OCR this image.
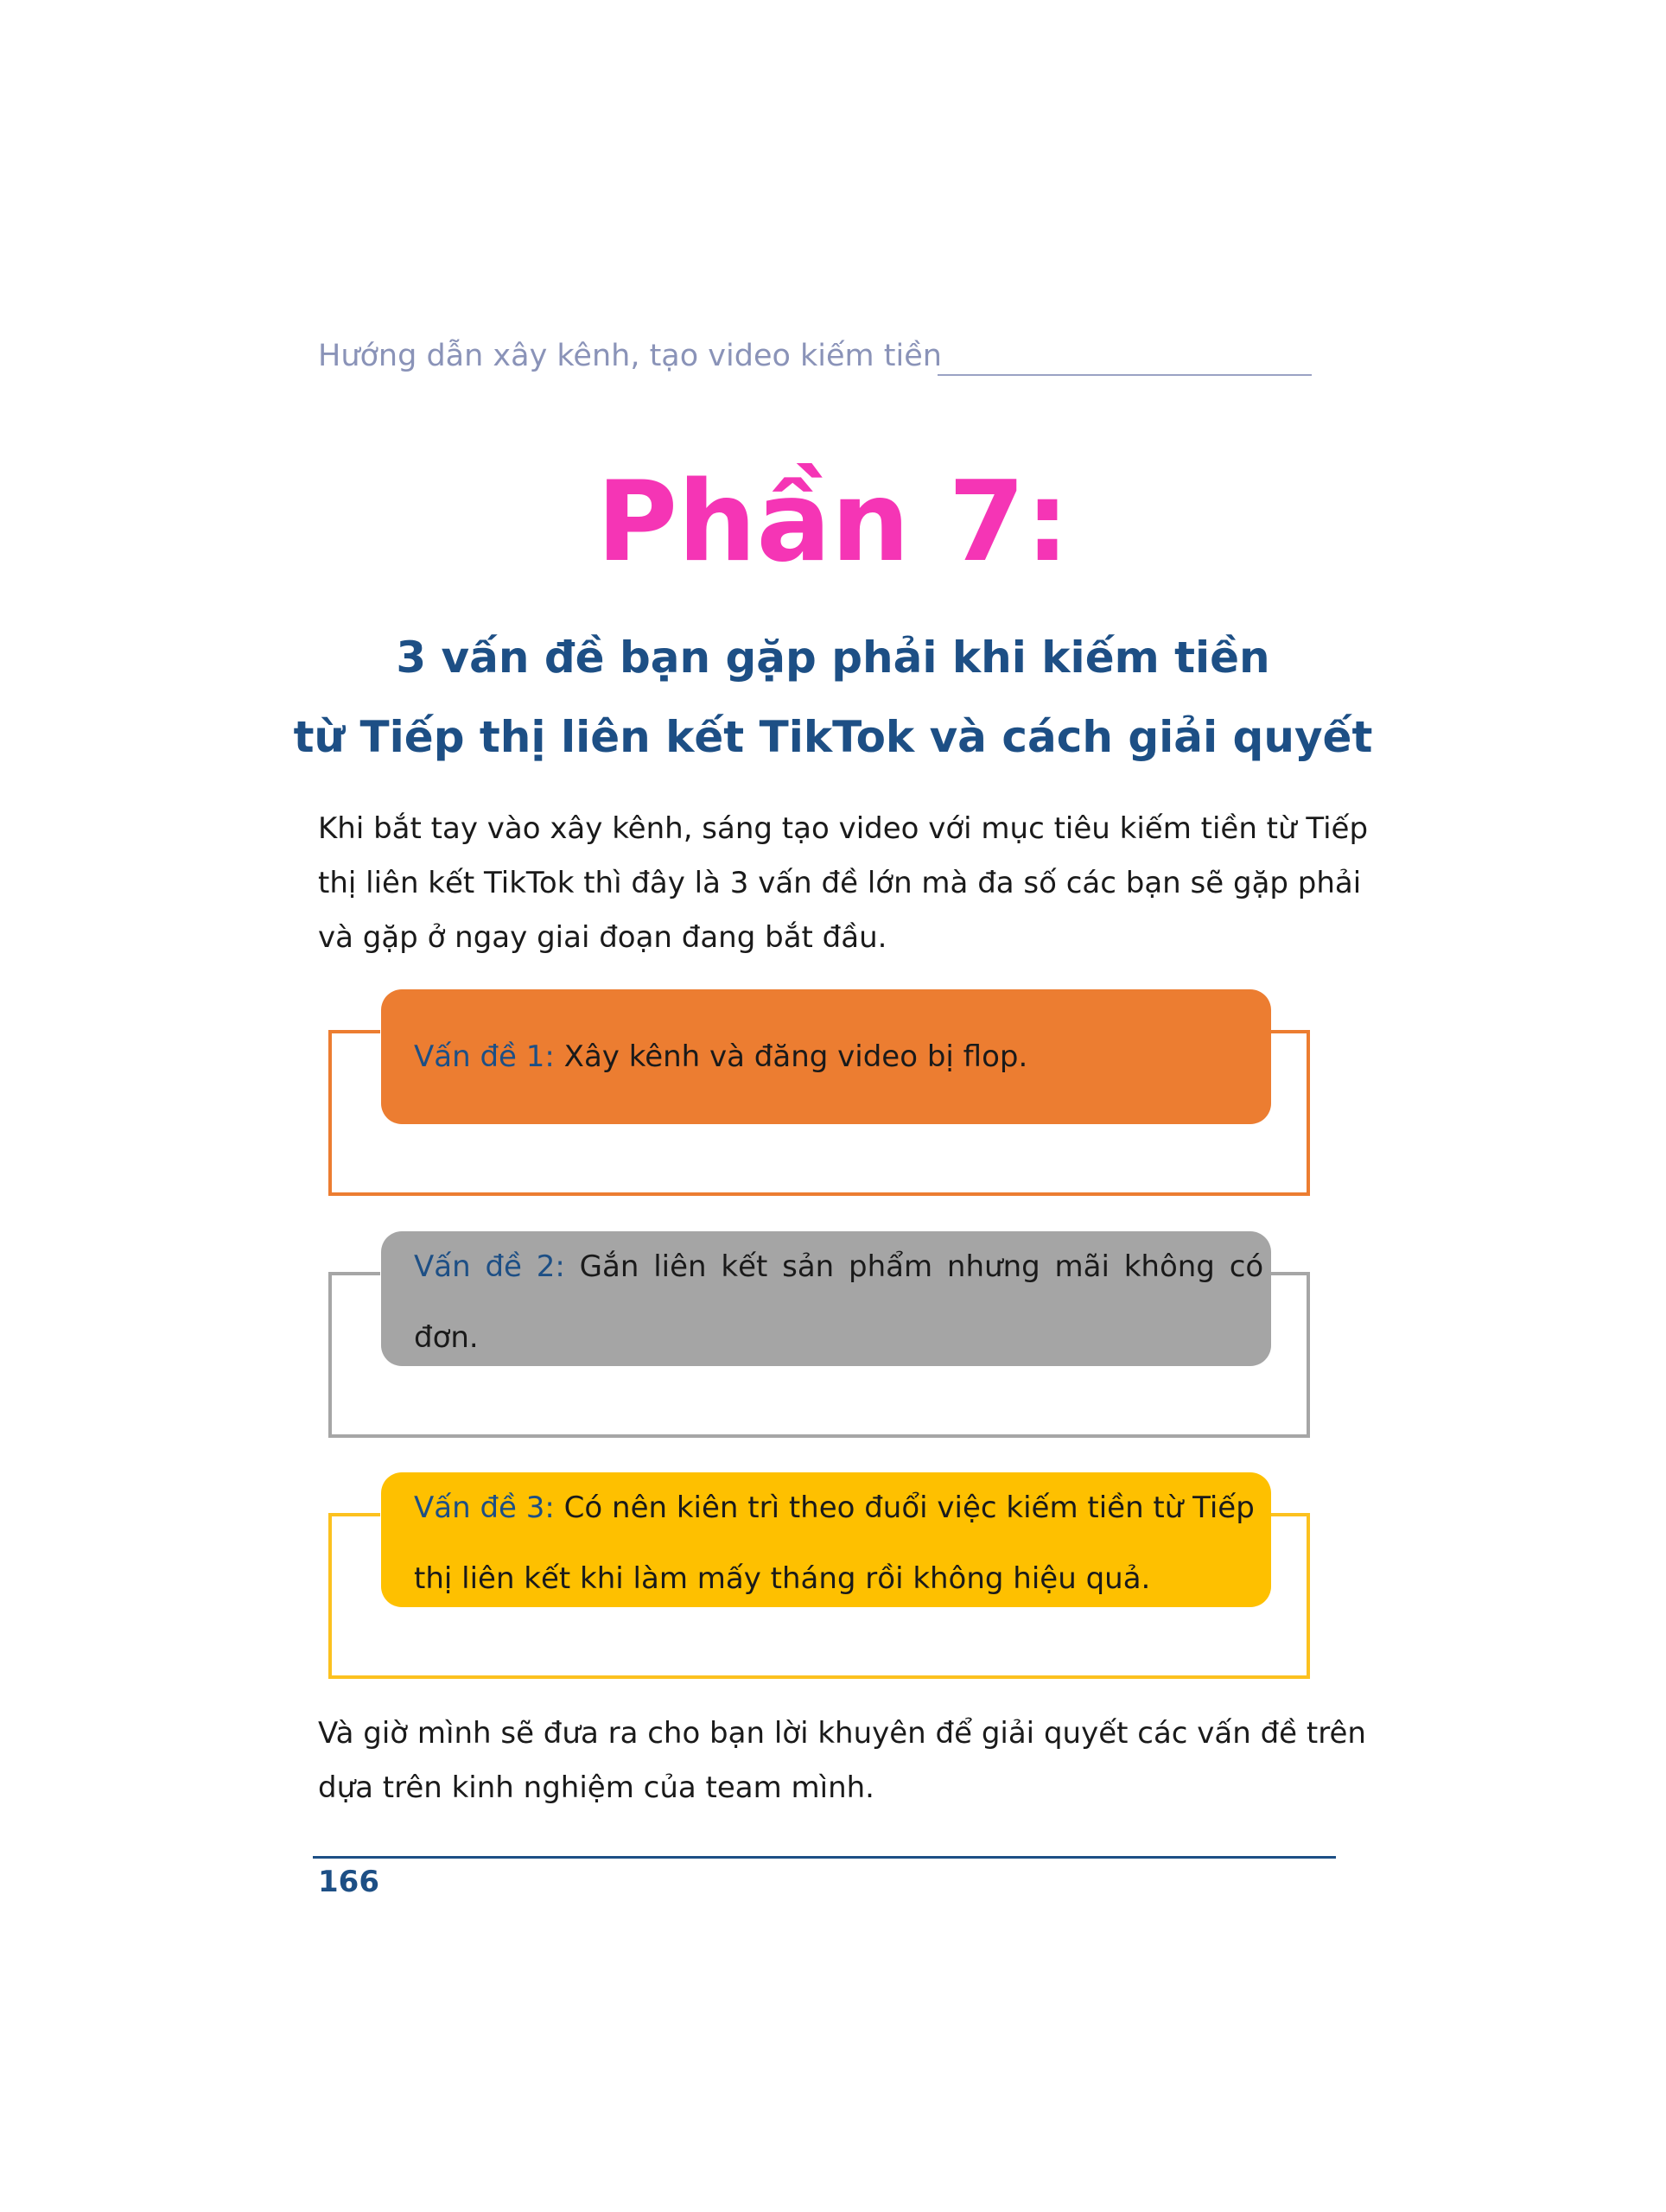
Hướng dẫn xây kênh, tạo video kiếm tiền
Phần 7:
3 vấn đề bạn gặp phải khi kiếm tiền
từ Tiếp thị liên kết TikTok và cách giải quyết
Khi bắt tay vào xây kênh, sáng tạo video với mục tiêu kiếm tiền từ Tiếp
thị liên kết TikTok thì đây là 3 vấn đề lớn mà đa số các bạn sẽ gặp phải
và gặp ở ngay giai đoạn đang bắt đầu.
Vấn đề 1: Xây kênh và đăng video bị flop.
Vấn đề 2: Gắn liên kết sản phẩm nhưng mãi không có
đơn.
Vấn đề 3: Có nên kiên trì theo đuổi việc kiếm tiền từ Tiếp
thị liên kết khi làm mấy tháng rồi không hiệu quả.
Và giờ mình sẽ đưa ra cho bạn lời khuyên để giải quyết các vấn đề trên
dựa trên kinh nghiệm của team mình.
166
